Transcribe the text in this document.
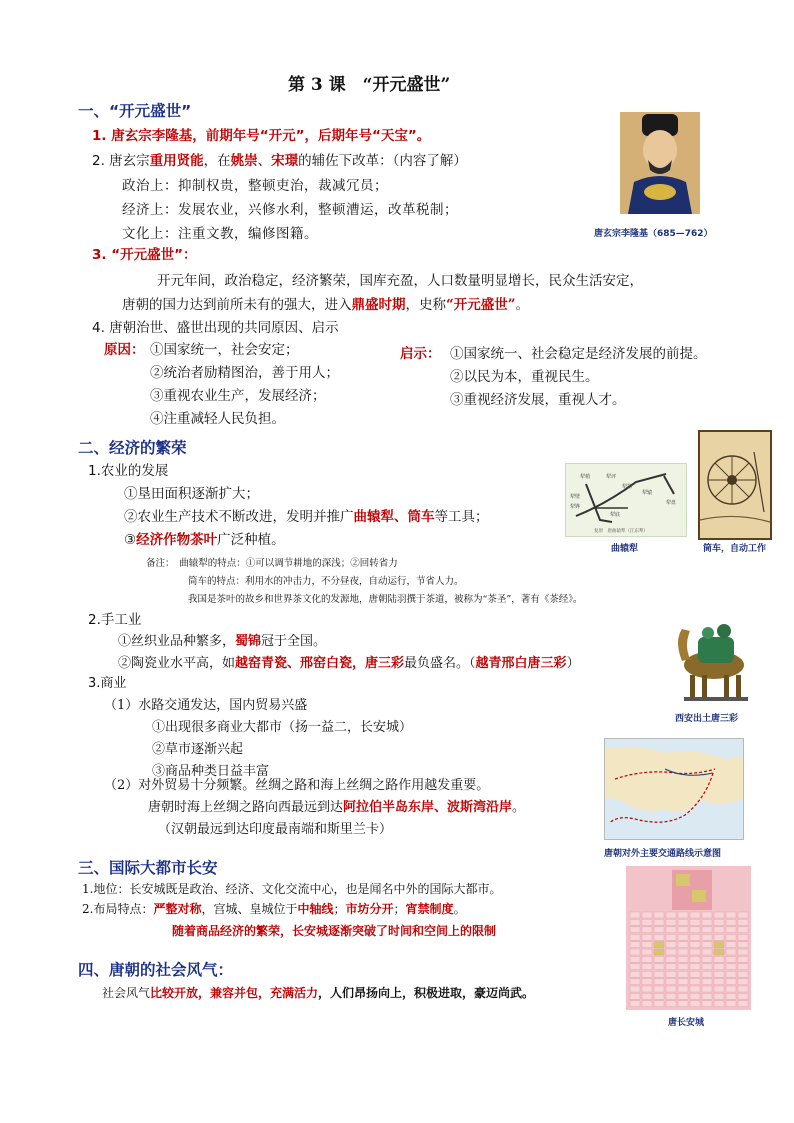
第 3 课　“开元盛世”
一、“开元盛世”
1. 唐玄宗李隆基，前期年号“开元”，后期年号“天宝”。
2. 唐玄宗重用贤能，在姚崇、宋璟的辅佐下改革：（内容了解）
政治上：抑制权贵，整顿吏治，裁减冗员；
经济上：发展农业，兴修水利，整顿漕运，改革税制；
文化上：注重文教，编修图籍。	唐玄宗李隆基（685—762）
3. “开元盛世”：
开元年间，政治稳定，经济繁荣，国库充盈，人口数量明显增长，民众生活安定，
唐朝的国力达到前所未有的强大，进入鼎盛时期，史称“开元盛世”。
4. 唐朝治世、盛世出现的共同原因、启示
原因： ①国家统一，社会安定；
②统治者励精图治，善于用人；
③重视农业生产，发展经济；
④注重减轻人民负担。
启示： ①国家统一、社会稳定是经济发展的前提。
②以民为本，重视民生。
③重视经济发展，重视人才。
二、经济的繁荣
1.农业的发展
①垦田面积逐渐扩大；
②农业生产技术不断改进，发明并推广曲辕犁、筒车等工具；
③经济作物茶叶广泛种植。
备注：　曲辕犁的特点：①可以调节耕地的深浅；②回转省力
筒车的特点：利用水的冲击力，不分昼夜，自动运行，节省人力。
我国是茶叶的故乡和世界茶文化的发源地，唐朝陆羽撰于茶道，被称为“茶圣”，著有《茶经》。
犁评
犁箭
犁壁
犁铧
犁底
犁梢
犁辕
犁盘
复原　唐曲辕犁（江东犁）
曲辕犁	筒车，自动工作
2.手工业
①丝织业品种繁多，蜀锦冠于全国。
②陶瓷业水平高，如越窑青瓷、邢窑白瓷，唐三彩最负盛名。（越青邢白唐三彩）
西安出土唐三彩
3.商业
（1）水路交通发达，国内贸易兴盛
①出现很多商业大都市（扬一益二，长安城）
②草市逐渐兴起
③商品种类日益丰富
（2）对外贸易十分频繁。丝绸之路和海上丝绸之路作用越发重要。
唐朝时海上丝绸之路向西最远到达阿拉伯半岛东岸、波斯湾沿岸。
（汉朝最远到达印度最南端和斯里兰卡）
唐朝对外主要交通路线示意图
三、国际大都市长安
1.地位：长安城既是政治、经济、文化交流中心，也是闻名中外的国际大都市。
2.布局特点：严整对称，宫城、皇城位于中轴线；市坊分开；宵禁制度。
随着商品经济的繁荣，长安城逐渐突破了时间和空间上的限制
唐长安城
四、唐朝的社会风气：
社会风气比较开放，兼容并包，充满活力，人们昂扬向上，积极进取，豪迈尚武。
